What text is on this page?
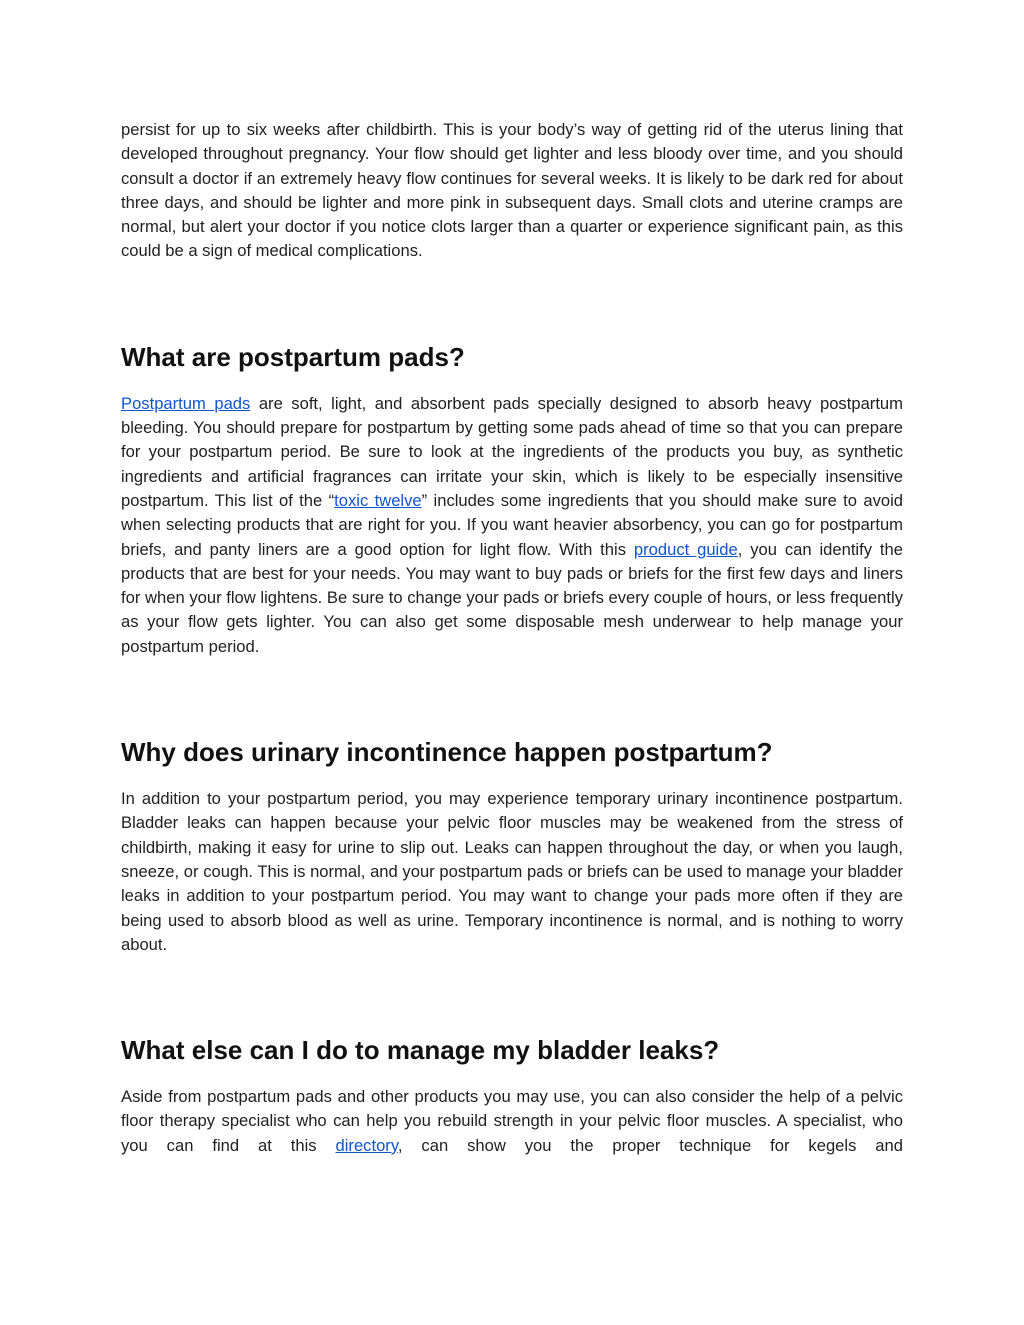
persist for up to six weeks after childbirth. This is your body’s way of getting rid of the uterus lining that developed throughout pregnancy. Your flow should get lighter and less bloody over time, and you should consult a doctor if an extremely heavy flow continues for several weeks. It is likely to be dark red for about three days, and should be lighter and more pink in subsequent days. Small clots and uterine cramps are normal, but alert your doctor if you notice clots larger than a quarter or experience significant pain, as this could be a sign of medical complications.

What are postpartum pads?

Postpartum pads are soft, light, and absorbent pads specially designed to absorb heavy postpartum bleeding. You should prepare for postpartum by getting some pads ahead of time so that you can prepare for your postpartum period. Be sure to look at the ingredients of the products you buy, as synthetic ingredients and artificial fragrances can irritate your skin, which is likely to be especially insensitive postpartum. This list of the “toxic twelve” includes some ingredients that you should make sure to avoid when selecting products that are right for you. If you want heavier absorbency, you can go for postpartum briefs, and panty liners are a good option for light flow. With this product guide, you can identify the products that are best for your needs. You may want to buy pads or briefs for the first few days and liners for when your flow lightens. Be sure to change your pads or briefs every couple of hours, or less frequently as your flow gets lighter. You can also get some disposable mesh underwear to help manage your postpartum period.

Why does urinary incontinence happen postpartum?

In addition to your postpartum period, you may experience temporary urinary incontinence postpartum. Bladder leaks can happen because your pelvic floor muscles may be weakened from the stress of childbirth, making it easy for urine to slip out. Leaks can happen throughout the day, or when you laugh, sneeze, or cough. This is normal, and your postpartum pads or briefs can be used to manage your bladder leaks in addition to your postpartum period. You may want to change your pads more often if they are being used to absorb blood as well as urine. Temporary incontinence is normal, and is nothing to worry about.

What else can I do to manage my bladder leaks?

Aside from postpartum pads and other products you may use, you can also consider the help of a pelvic floor therapy specialist who can help you rebuild strength in your pelvic floor muscles. A specialist, who you can find at this directory, can show you the proper technique for kegels and
